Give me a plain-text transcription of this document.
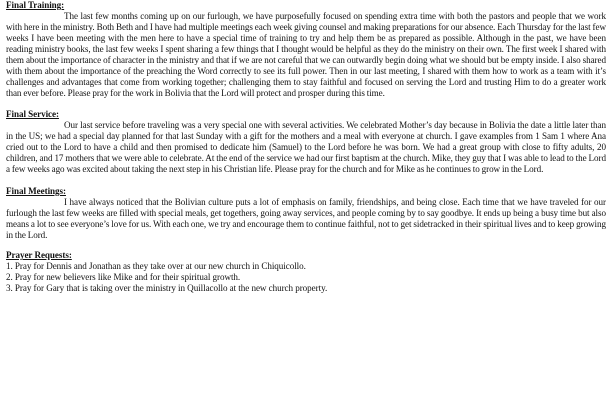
Final Training:

The last few months coming up on our furlough, we have purposefully focused on spending extra time with both the pastors and people that we work with here in the ministry. Both Beth and I have had multiple meetings each week giving counsel and making preparations for our absence. Each Thursday for the last few weeks I have been meeting with the men here to have a special time of training to try and help them be as prepared as possible. Although in the past, we have been reading ministry books, the last few weeks I spent sharing a few things that I thought would be helpful as they do the ministry on their own. The first week I shared with them about the importance of character in the ministry and that if we are not careful that we can outwardly begin doing what we should but be empty inside. I also shared with them about the importance of the preaching the Word correctly to see its full power. Then in our last meeting, I shared with them how to work as a team with it’s challenges and advantages that come from working together; challenging them to stay faithful and focused on serving the Lord and trusting Him to do a greater work than ever before. Please pray for the work in Bolivia that the Lord will protect and prosper during this time.

Final Service:

Our last service before traveling was a very special one with several activities. We celebrated Mother’s day because in Bolivia the date a little later than in the US; we had a special day planned for that last Sunday with a gift for the mothers and a meal with everyone at church. I gave examples from 1 Sam 1 where Ana cried out to the Lord to have a child and then promised to dedicate him (Samuel) to the Lord before he was born. We had a great group with close to fifty adults, 20 children, and 17 mothers that we were able to celebrate. At the end of the service we had our first baptism at the church. Mike, they guy that I was able to lead to the Lord a few weeks ago was excited about taking the next step in his Christian life. Please pray for the church and for Mike as he continues to grow in the Lord.

Final Meetings:

I have always noticed that the Bolivian culture puts a lot of emphasis on family, friendships, and being close. Each time that we have traveled for our furlough the last few weeks are filled with special meals, get togethers, going away services, and people coming by to say goodbye. It ends up being a busy time but also means a lot to see everyone’s love for us. With each one, we try and encourage them to continue faithful, not to get sidetracked in their spiritual lives and to keep growing in the Lord.

Prayer Requests:
1. Pray for Dennis and Jonathan as they take over at our new church in Chiquicollo.
2. Pray for new believers like Mike and for their spiritual growth.
3. Pray for Gary that is taking over the ministry in Quillacollo at the new church property.
